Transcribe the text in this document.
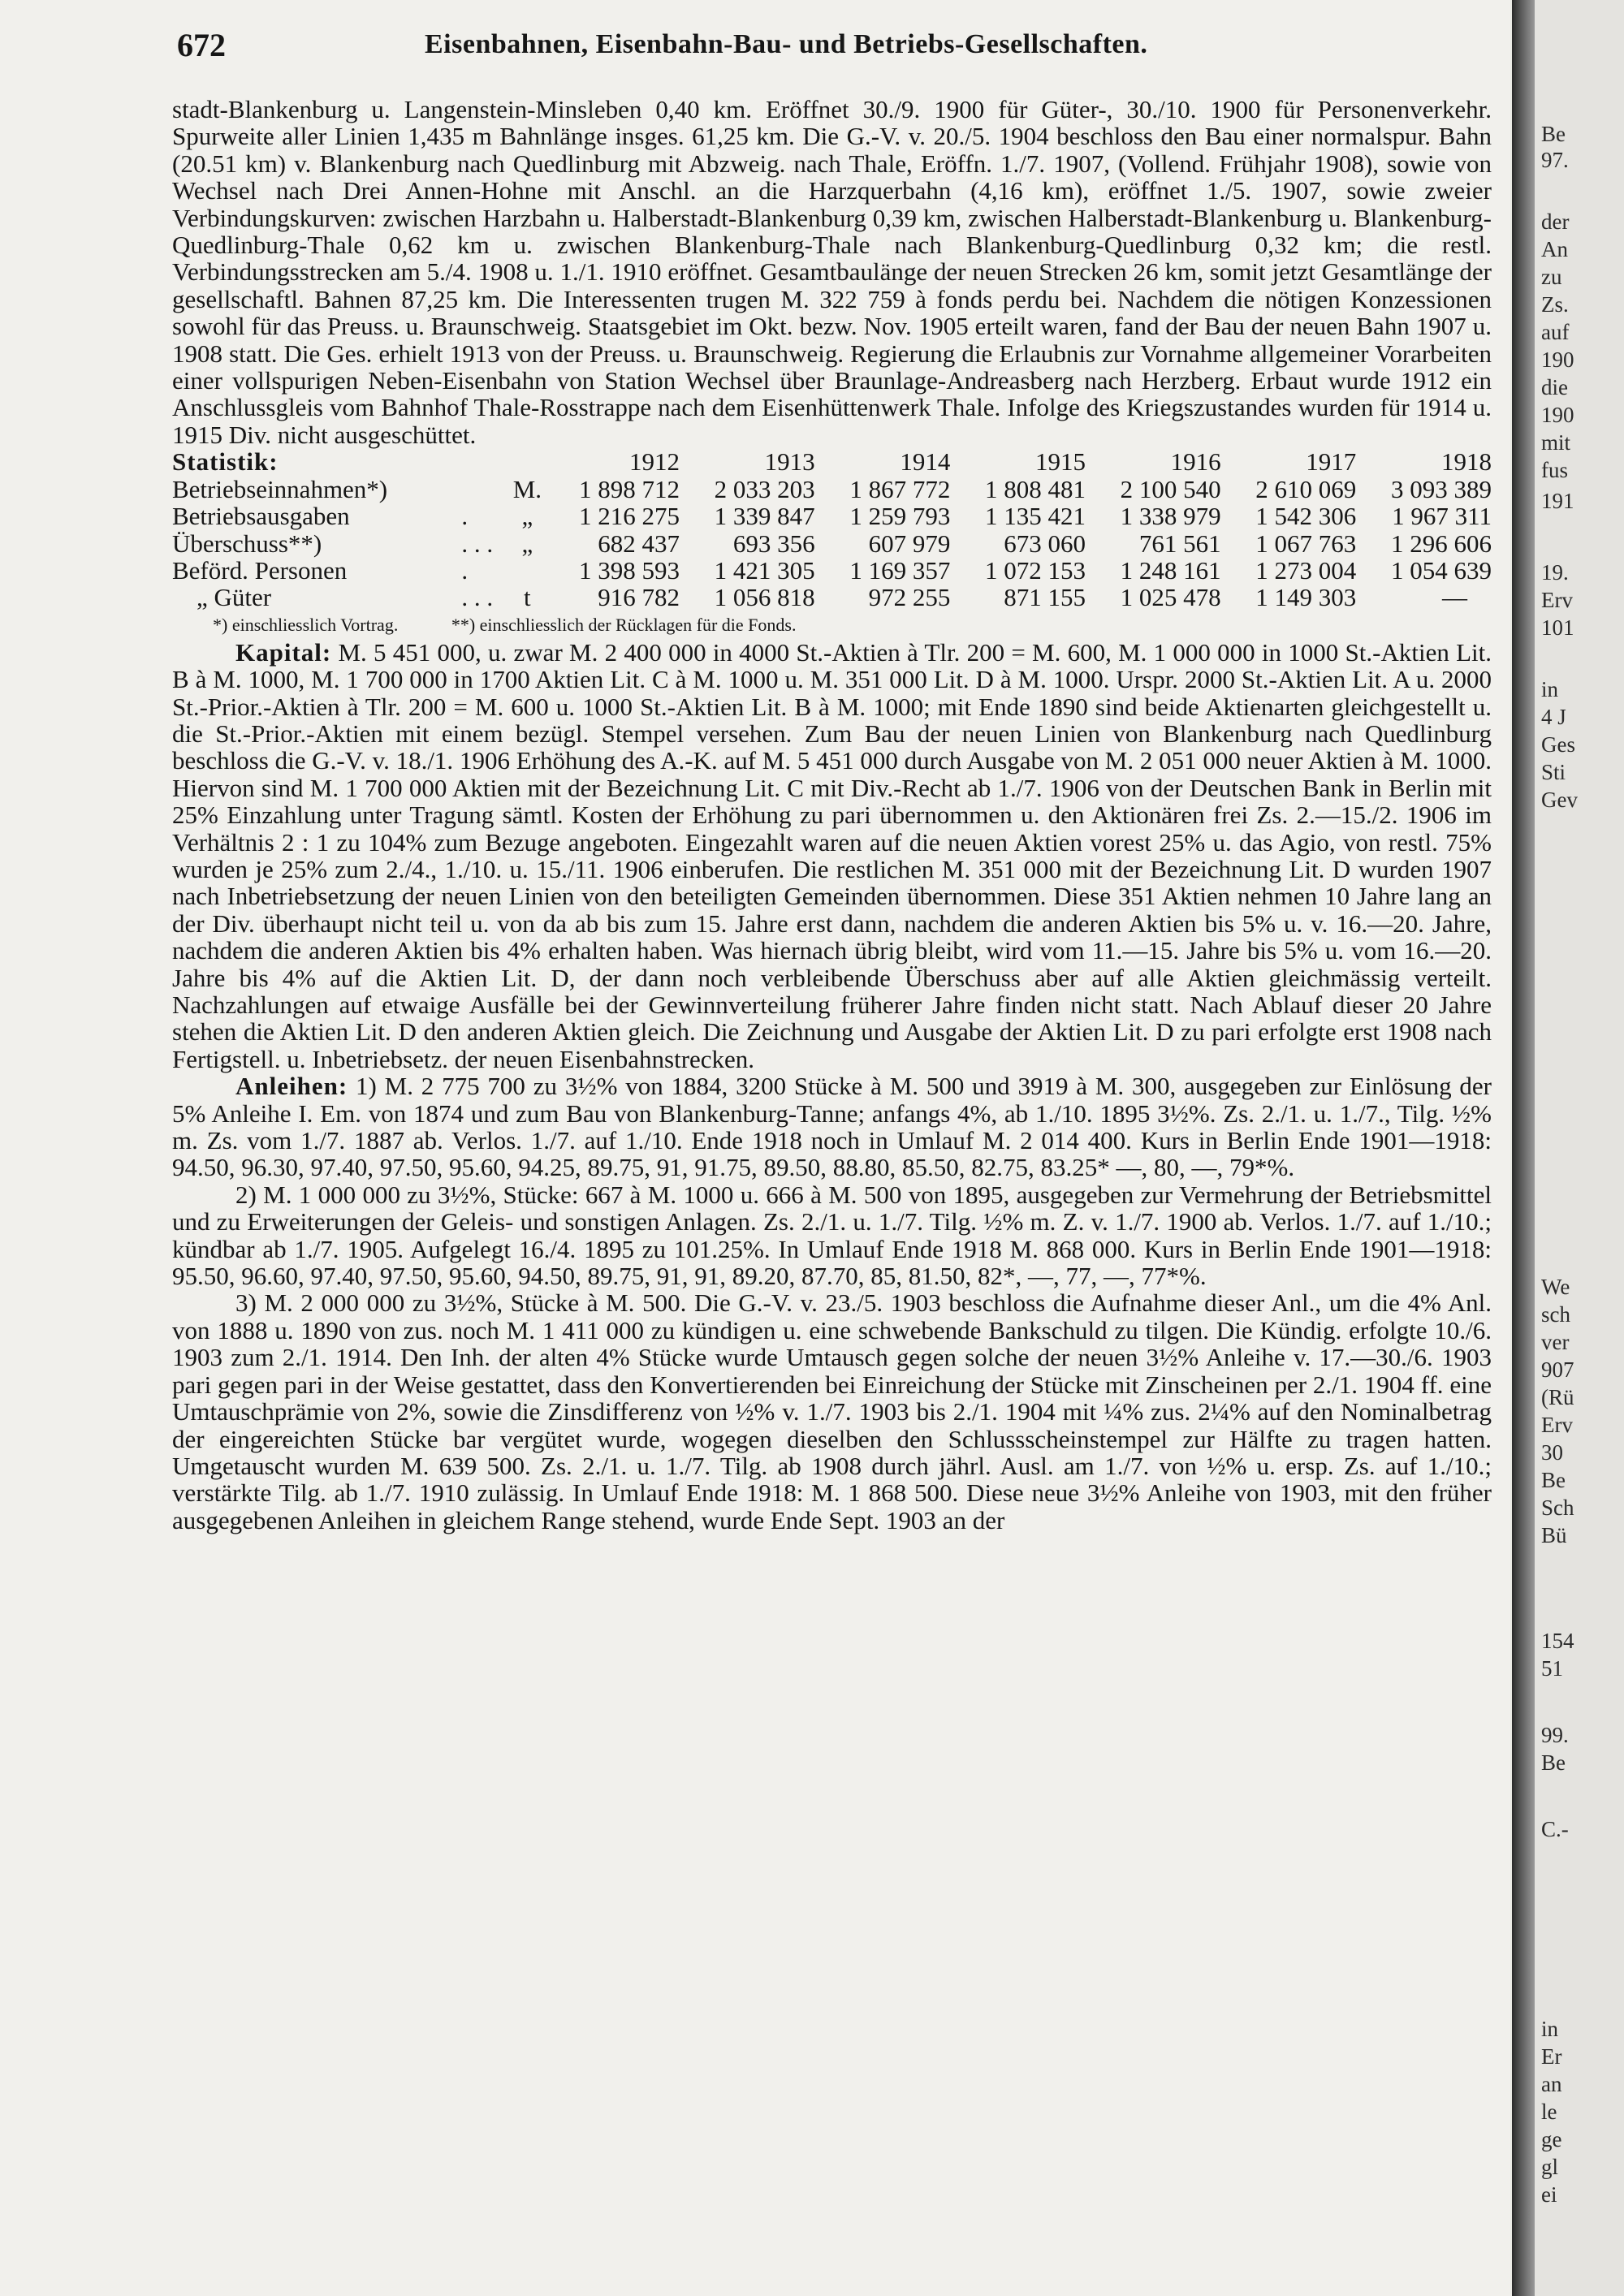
672	Eisenbahnen, Eisenbahn-Bau- und Betriebs-Gesellschaften.

stadt-Blankenburg u. Langenstein-Minsleben 0,40 km. Eröffnet 30./9. 1900 für Güter-, 30./10. 1900 für Personenverkehr. Spurweite aller Linien 1,435 m Bahnlänge insges. 61,25 km. Die G.-V. v. 20./5. 1904 beschloss den Bau einer normalspur. Bahn (20.51 km) v. Blankenburg nach Quedlinburg mit Abzweig. nach Thale, Eröffn. 1./7. 1907, (Vollend. Frühjahr 1908), sowie von Wechsel nach Drei Annen-Hohne mit Anschl. an die Harzquerbahn (4,16 km), eröffnet 1./5. 1907, sowie zweier Verbindungskurven: zwischen Harzbahn u. Halberstadt-Blankenburg 0,39 km, zwischen Halberstadt-Blankenburg u. Blankenburg-Quedlinburg-Thale 0,62 km u. zwischen Blankenburg-Thale nach Blankenburg-Quedlinburg 0,32 km; die restl. Verbindungsstrecken am 5./4. 1908 u. 1./1. 1910 eröffnet. Gesamtbaulänge der neuen Strecken 26 km, somit jetzt Gesamtlänge der gesellschaftl. Bahnen 87,25 km. Die Interessenten trugen M. 322 759 à fonds perdu bei. Nachdem die nötigen Konzessionen sowohl für das Preuss. u. Braunschweig. Staatsgebiet im Okt. bezw. Nov. 1905 erteilt waren, fand der Bau der neuen Bahn 1907 u. 1908 statt. Die Ges. erhielt 1913 von der Preuss. u. Braunschweig. Regierung die Erlaubnis zur Vornahme allgemeiner Vorarbeiten einer vollspurigen Neben-Eisenbahn von Station Wechsel über Braunlage-Andreasberg nach Herzberg. Erbaut wurde 1912 ein Anschlussgleis vom Bahnhof Thale-Rosstrappe nach dem Eisenhüttenwerk Thale. Infolge des Kriegszustandes wurden für 1914 u. 1915 Div. nicht ausgeschüttet.

Statistik:			1912	1913	1914	1915	1916	1917	1918
Betriebseinnahmen*)		M.	1 898 712	2 033 203	1 867 772	1 808 481	2 100 540	2 610 069	3 093 389
Betriebsausgaben	.	„	1 216 275	1 339 847	1 259 793	1 135 421	1 338 979	1 542 306	1 967 311
Überschuss**)	. . .	„	682 437	693 356	607 979	673 060	761 561	1 067 763	1 296 606
Beförd. Personen	.		1 398 593	1 421 305	1 169 357	1 072 153	1 248 161	1 273 004	1 054 639
„ Güter	. . .	t	916 782	1 056 818	972 255	871 155	1 025 478	1 149 303	—
*) einschliesslich Vortrag.	**) einschliesslich der Rücklagen für die Fonds.

Kapital: M. 5 451 000, u. zwar M. 2 400 000 in 4000 St.-Aktien à Tlr. 200 = M. 600, M. 1 000 000 in 1000 St.-Aktien Lit. B à M. 1000, M. 1 700 000 in 1700 Aktien Lit. C à M. 1000 u. M. 351 000 Lit. D à M. 1000. Urspr. 2000 St.-Aktien Lit. A u. 2000 St.-Prior.-Aktien à Tlr. 200 = M. 600 u. 1000 St.-Aktien Lit. B à M. 1000; mit Ende 1890 sind beide Aktienarten gleichgestellt u. die St.-Prior.-Aktien mit einem bezügl. Stempel versehen. Zum Bau der neuen Linien von Blankenburg nach Quedlinburg beschloss die G.-V. v. 18./1. 1906 Erhöhung des A.-K. auf M. 5 451 000 durch Ausgabe von M. 2 051 000 neuer Aktien à M. 1000. Hiervon sind M. 1 700 000 Aktien mit der Bezeichnung Lit. C mit Div.-Recht ab 1./7. 1906 von der Deutschen Bank in Berlin mit 25% Einzahlung unter Tragung sämtl. Kosten der Erhöhung zu pari übernommen u. den Aktionären frei Zs. 2.—15./2. 1906 im Verhältnis 2 : 1 zu 104% zum Bezuge angeboten. Eingezahlt waren auf die neuen Aktien vorest 25% u. das Agio, von restl. 75% wurden je 25% zum 2./4., 1./10. u. 15./11. 1906 einberufen. Die restlichen M. 351 000 mit der Bezeichnung Lit. D wurden 1907 nach Inbetriebsetzung der neuen Linien von den beteiligten Gemeinden übernommen. Diese 351 Aktien nehmen 10 Jahre lang an der Div. überhaupt nicht teil u. von da ab bis zum 15. Jahre erst dann, nachdem die anderen Aktien bis 5% u. v. 16.—20. Jahre, nachdem die anderen Aktien bis 4% erhalten haben. Was hiernach übrig bleibt, wird vom 11.—15. Jahre bis 5% u. vom 16.—20. Jahre bis 4% auf die Aktien Lit. D, der dann noch verbleibende Überschuss aber auf alle Aktien gleichmässig verteilt. Nachzahlungen auf etwaige Ausfälle bei der Gewinnverteilung früherer Jahre finden nicht statt. Nach Ablauf dieser 20 Jahre stehen die Aktien Lit. D den anderen Aktien gleich. Die Zeichnung und Ausgabe der Aktien Lit. D zu pari erfolgte erst 1908 nach Fertigstell. u. Inbetriebsetz. der neuen Eisenbahnstrecken.

Anleihen: 1) M. 2 775 700 zu 3½% von 1884, 3200 Stücke à M. 500 und 3919 à M. 300, ausgegeben zur Einlösung der 5% Anleihe I. Em. von 1874 und zum Bau von Blankenburg-Tanne; anfangs 4%, ab 1./10. 1895 3½%. Zs. 2./1. u. 1./7., Tilg. ½% m. Zs. vom 1./7. 1887 ab. Verlos. 1./7. auf 1./10. Ende 1918 noch in Umlauf M. 2 014 400. Kurs in Berlin Ende 1901—1918: 94.50, 96.30, 97.40, 97.50, 95.60, 94.25, 89.75, 91, 91.75, 89.50, 88.80, 85.50, 82.75, 83.25* —, 80, —, 79*%.

2) M. 1 000 000 zu 3½%, Stücke: 667 à M. 1000 u. 666 à M. 500 von 1895, ausgegeben zur Vermehrung der Betriebsmittel und zu Erweiterungen der Geleis- und sonstigen Anlagen. Zs. 2./1. u. 1./7. Tilg. ½% m. Z. v. 1./7. 1900 ab. Verlos. 1./7. auf 1./10.; kündbar ab 1./7. 1905. Aufgelegt 16./4. 1895 zu 101.25%. In Umlauf Ende 1918 M. 868 000. Kurs in Berlin Ende 1901—1918: 95.50, 96.60, 97.40, 97.50, 95.60, 94.50, 89.75, 91, 91, 89.20, 87.70, 85, 81.50, 82*, —, 77, —, 77*%.

3) M. 2 000 000 zu 3½%, Stücke à M. 500. Die G.-V. v. 23./5. 1903 beschloss die Aufnahme dieser Anl., um die 4% Anl. von 1888 u. 1890 von zus. noch M. 1 411 000 zu kündigen u. eine schwebende Bankschuld zu tilgen. Die Kündig. erfolgte 10./6. 1903 zum 2./1. 1914. Den Inh. der alten 4% Stücke wurde Umtausch gegen solche der neuen 3½% Anleihe v. 17.—30./6. 1903 pari gegen pari in der Weise gestattet, dass den Konvertierenden bei Einreichung der Stücke mit Zinscheinen per 2./1. 1904 ff. eine Umtauschprämie von 2%, sowie die Zinsdifferenz von ½% v. 1./7. 1903 bis 2./1. 1904 mit ¼% zus. 2¼% auf den Nominalbetrag der eingereichten Stücke bar vergütet wurde, wogegen dieselben den Schlussscheinstempel zur Hälfte zu tragen hatten. Umgetauscht wurden M. 639 500. Zs. 2./1. u. 1./7. Tilg. ab 1908 durch jährl. Ausl. am 1./7. von ½% u. ersp. Zs. auf 1./10.; verstärkte Tilg. ab 1./7. 1910 zulässig. In Umlauf Ende 1918: M. 1 868 500. Diese neue 3½% Anleihe von 1903, mit den früher ausgegebenen Anleihen in gleichem Range stehend, wurde Ende Sept. 1903 an der

Be
97.
der
An
zu
Zs.
auf
190
die
190
mit
fus
191
19.
Erv
101
in
4 J
Ges
Sti
Gev
We
sch
ver
907
(Rü
Erv
30
Be
Sch
Bü
154
51
99.
Be
C.-
in
Er
an
le
ge
gl
ei
